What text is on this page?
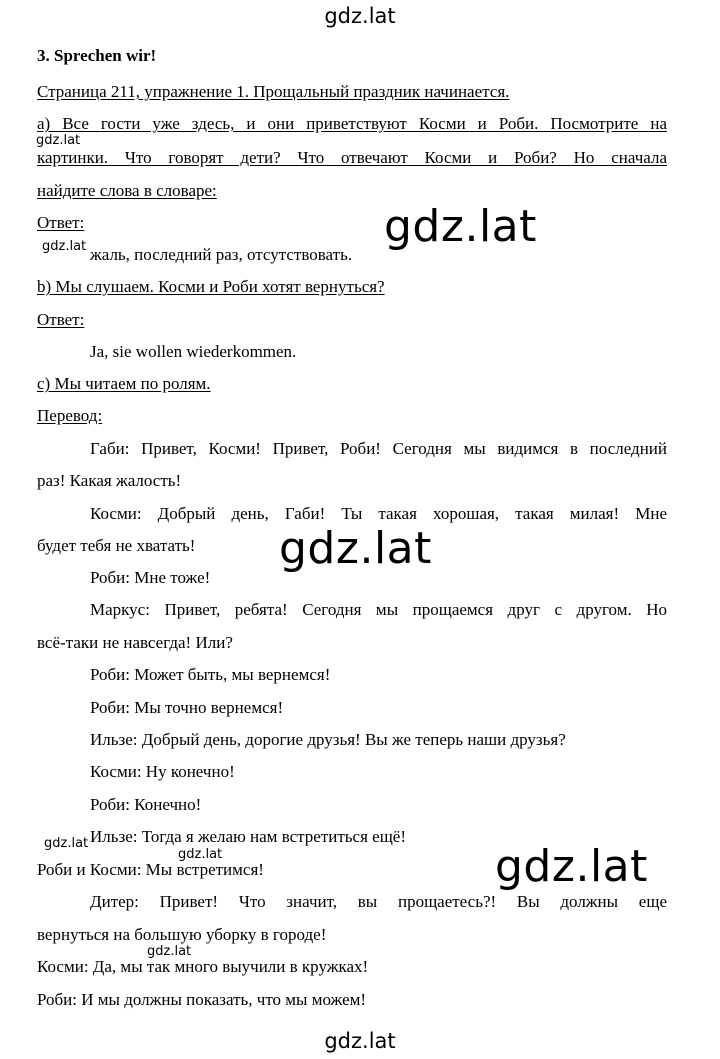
gdz.lat
gdz.lat
gdz.lat
gdz.lat
gdz.lat
gdz.lat
gdz.lat	gdz.lat
gdz.lat
gdz.lat
3. Sprechen wir!
Страница 211, упражнение 1. Прощальный праздник начинается.
a) Все гости уже здесь, и они приветствуют Косми и Роби. Посмотрите на
картинки. Что говорят дети? Что отвечают Косми и Роби? Но сначала
найдите слова в словаре:
Ответ:
жаль, последний раз, отсутствовать.
b) Мы слушаем. Косми и Роби хотят вернуться?
Ответ:
Ja, sie wollen wiederkommen.
c) Мы читаем по ролям.
Перевод:
Габи: Привет, Косми! Привет, Роби! Сегодня мы видимся в последний
раз! Какая жалость!
Косми: Добрый день, Габи! Ты такая хорошая, такая милая! Мне
будет тебя не хватать!
Роби: Мне тоже!
Маркус: Привет, ребята! Сегодня мы прощаемся друг с другом. Но
всё-таки не навсегда! Или?
Роби: Может быть, мы вернемся!
Роби: Мы точно вернемся!
Ильзе: Добрый день, дорогие друзья! Вы же теперь наши друзья?
Косми: Ну конечно!
Роби: Конечно!
Ильзе: Тогда я желаю нам встретиться ещё!
Роби и Косми: Мы встретимся!
Дитер: Привет! Что значит, вы прощаетесь?! Вы должны еще
вернуться на большую уборку в городе!
Косми: Да, мы так много выучили в кружках!
Роби: И мы должны показать, что мы можем!
